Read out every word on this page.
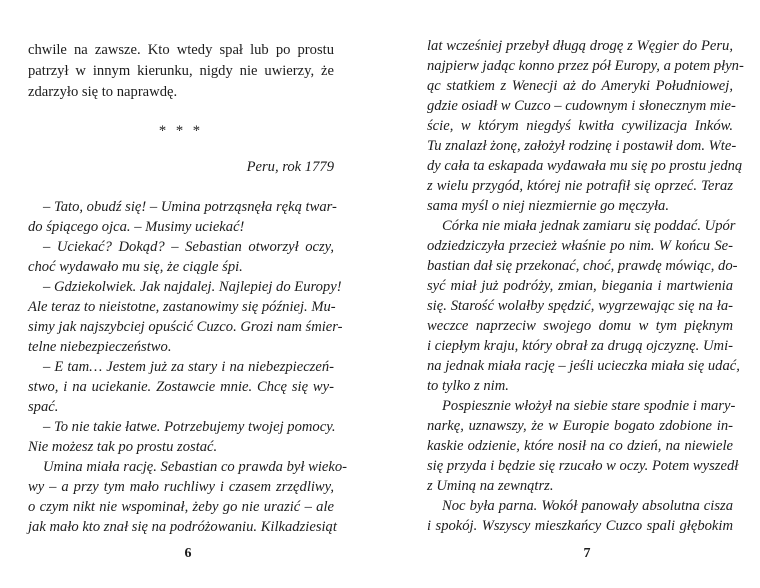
chwile na zawsze. Kto wtedy spał lub po prostu
patrzył w innym kierunku, nigdy nie uwierzy, że
zdarzyło się to naprawdę.
* * *
Peru, rok 1779
– Tato, obudź się! – Umina potrząsnęła ręką twar-
do śpiącego ojca. – Musimy uciekać!
– Uciekać? Dokąd? – Sebastian otworzył oczy,
choć wydawało mu się, że ciągle śpi.
– Gdziekolwiek. Jak najdalej. Najlepiej do Europy!
Ale teraz to nieistotne, zastanowimy się później. Mu-
simy jak najszybciej opuścić Cuzco. Grozi nam śmier-
telne niebezpieczeństwo.
– E tam… Jestem już za stary i na niebezpieczeń-
stwo, i na uciekanie. Zostawcie mnie. Chcę się wy-
spać.
– To nie takie łatwe. Potrzebujemy twojej pomocy.
Nie możesz tak po prostu zostać.
Umina miała rację. Sebastian co prawda był wieko-
wy – a przy tym mało ruchliwy i czasem zrzędliwy,
o czym nikt nie wspominał, żeby go nie urazić – ale
jak mało kto znał się na podróżowaniu. Kilkadziesiąt
6
lat wcześniej przebył długą drogę z Węgier do Peru,
najpierw jadąc konno przez pół Europy, a potem płyn-
ąc statkiem z Wenecji aż do Ameryki Południowej,
gdzie osiadł w Cuzco – cudownym i słonecznym mie-
ście, w którym niegdyś kwitła cywilizacja Inków.
Tu znalazł żonę, założył rodzinę i postawił dom. Wte-
dy cała ta eskapada wydawała mu się po prostu jedną
z wielu przygód, której nie potrafił się oprzeć. Teraz
sama myśl o niej niezmiernie go męczyła.
Córka nie miała jednak zamiaru się poddać. Upór
odziedziczyła przecież właśnie po nim. W końcu Se-
bastian dał się przekonać, choć, prawdę mówiąc, do-
syć miał już podróży, zmian, biegania i martwienia
się. Starość wolałby spędzić, wygrzewając się na ła-
weczce naprzeciw swojego domu w tym pięknym
i ciepłym kraju, który obrał za drugą ojczyznę. Umi-
na jednak miała rację – jeśli ucieczka miała się udać,
to tylko z nim.
Pospiesznie włożył na siebie stare spodnie i mary-
narkę, uznawszy, że w Europie bogato zdobione in-
kaskie odzienie, które nosił na co dzień, na niewiele
się przyda i będzie się rzucało w oczy. Potem wyszedł
z Uminą na zewnątrz.
Noc była parna. Wokół panowały absolutna cisza
i spokój. Wszyscy mieszkańcy Cuzco spali głębokim
7
